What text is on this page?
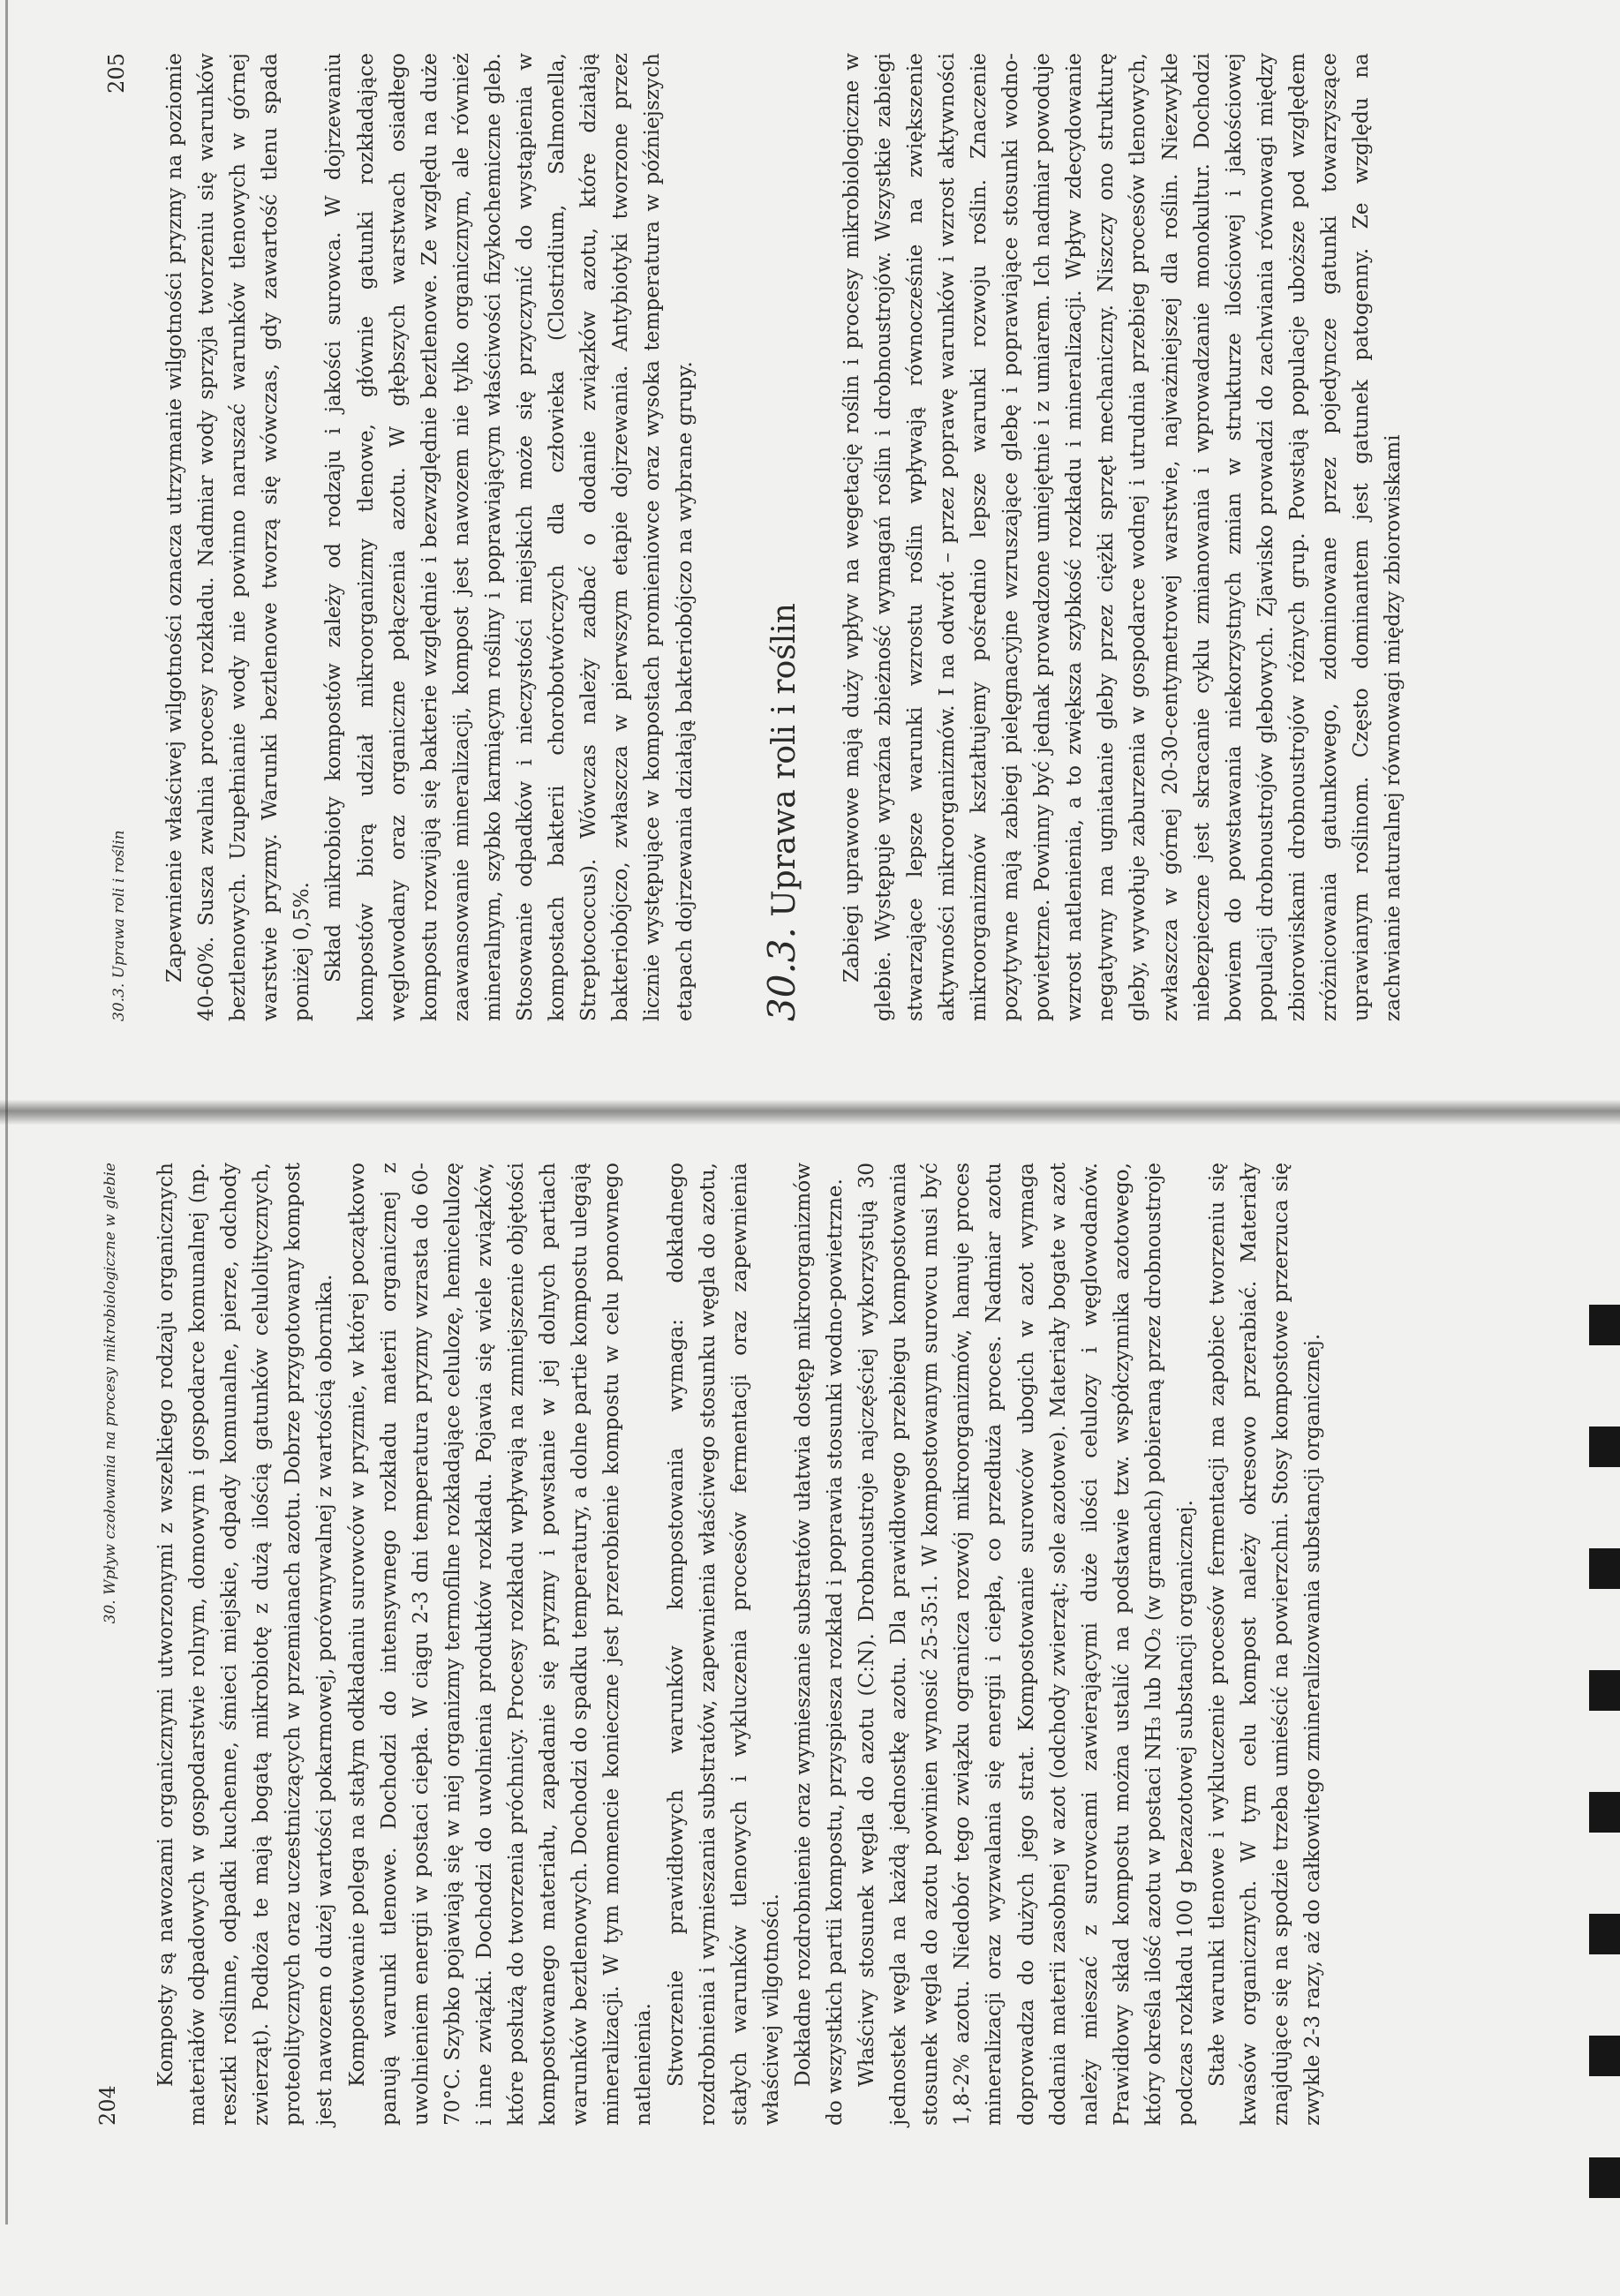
204
30. Wpływ czołowania na procesy mikrobiologiczne w glebie Komposty są nawozami organicznymi utworzonymi z wszelkiego rodzaju organicznych materiałów odpadowych w gospodarstwie rolnym, domowym i gospodarce komunalnej (np. resztki roślinne, odpadki kuchenne, śmieci miejskie, odpady komunalne, pierze, odchody zwierząt). Podłoża te mają bogatą mikrobiotę z dużą ilością gatunków celulolitycznych, proteolitycznych oraz uczestniczących w przemianach azotu. Dobrze przygotowany kompost jest nawozem o dużej wartości pokarmowej, porównywalnej z wartością obornika. Kompostowanie polega na stałym odkładaniu surowców w pryzmie, w której początkowo panują warunki tlenowe. Dochodzi do intensywnego rozkładu materii organicznej z uwolnieniem energii w postaci ciepła. W ciągu 2-3 dni temperatura pryzmy wzrasta do 60-70°C. Szybko pojawiają się w niej organizmy termofilne rozkładające celulozę, hemicelulozę i inne związki. Dochodzi do uwolnienia produktów rozkładu. Pojawia się wiele związków, które posłużą do tworzenia próchnicy. Procesy rozkładu wpływają na zmniejszenie objętości kompostowanego materiału, zapadanie się pryzmy i powstanie w jej dolnych partiach warunków beztlenowych. Dochodzi do spadku temperatury, a dolne partie kompostu ulegają mineralizacji. W tym momencie konieczne jest przerobienie kompostu w celu ponownego natlenienia. Stworzenie prawidłowych warunków kompostowania wymaga: dokładnego rozdrobnienia i wymieszania substratów, zapewnienia właściwego stosunku węgla do azotu, stałych warunków tlenowych i wykluczenia procesów fermentacji oraz zapewnienia właściwej wilgotności. Dokładne rozdrobnienie oraz wymieszanie substratów ułatwia dostęp mikroorganizmów do wszystkich partii kompostu, przyspiesza rozkład i poprawia stosunki wodno-powietrzne. Właściwy stosunek węgla do azotu (C:N). Drobnoustroje najczęściej wykorzystują 30 jednostek węgla na każdą jednostkę azotu. Dla prawidłowego przebiegu kompostowania stosunek węgla do azotu powinien wynosić 25-35:1. W kompostowanym surowcu musi być 1,8-2% azotu. Niedobór tego związku ogranicza rozwój mikroorganizmów, hamuje proces mineralizacji oraz wyzwalania się energii i ciepła, co przedłuża proces. Nadmiar azotu doprowadza do dużych jego strat. Kompostowanie surowców ubogich w azot wymaga dodania materii zasobnej w azot (odchody zwierząt; sole azotowe). Materiały bogate w azot należy mieszać z surowcami zawierającymi duże ilości celulozy i węglowodanów. Prawidłowy skład kompostu można ustalić na podstawie tzw. współczynnika azotowego, który określa ilość azotu w postaci NH₃ lub NO₂ (w gramach) pobieraną przez drobnoustroje podczas rozkładu 100 g bezazotowej substancji organicznej. Stałe warunki tlenowe i wykluczenie procesów fermentacji ma zapobiec tworzeniu się kwasów organicznych. W tym celu kompost należy okresowo przerabiać. Materiały znajdujące się na spodzie trzeba umieścić na powierzchni. Stosy kompostowe przerzuca się zwykle 2-3 razy, aż do całkowitego zmineralizowania substancji organicznej.

30.3. Uprawa roli i roślin
205 Zapewnienie właściwej wilgotności oznacza utrzymanie wilgotności pryzmy na poziomie 40-60%. Susza zwalnia procesy rozkładu. Nadmiar wody sprzyja tworzeniu się warunków beztlenowych. Uzupełnianie wody nie powinno naruszać warunków tlenowych w górnej warstwie pryzmy. Warunki beztlenowe tworzą się wówczas, gdy zawartość tlenu spada poniżej 0,5%. Skład mikrobioty kompostów zależy od rodzaju i jakości surowca. W dojrzewaniu kompostów biorą udział mikroorganizmy tlenowe, głównie gatunki rozkładające węglowodany oraz organiczne połączenia azotu. W głębszych warstwach osiadłego kompostu rozwijają się bakterie względnie i bezwzględnie beztlenowe. Ze względu na duże zaawansowanie mineralizacji, kompost jest nawozem nie tylko organicznym, ale również mineralnym, szybko karmiącym rośliny i poprawiającym właściwości fizykochemiczne gleb. Stosowanie odpadków i nieczystości miejskich może się przyczynić do wystąpienia w kompostach bakterii chorobotwórczych dla człowieka (Clostridium, Salmonella, Streptococcus). Wówczas należy zadbać o dodanie związków azotu, które działają bakteriobójczo, zwłaszcza w pierwszym etapie dojrzewania. Antybiotyki tworzone przez licznie występujące w kompostach promieniowce oraz wysoka temperatura w późniejszych etapach dojrzewania działają bakteriobójczo na wybrane grupy. 30.3. Uprawa roli i roślin Zabiegi uprawowe mają duży wpływ na wegetację roślin i procesy mikrobiologiczne w glebie. Występuje wyraźna zbieżność wymagań roślin i drobnoustrojów. Wszystkie zabiegi stwarzające lepsze warunki wzrostu roślin wpływają równocześnie na zwiększenie aktywności mikroorganizmów. I na odwrót – przez poprawę warunków i wzrost aktywności mikroorganizmów kształtujemy pośrednio lepsze warunki rozwoju roślin. Znaczenie pozytywne mają zabiegi pielęgnacyjne wzruszające glebę i poprawiające stosunki wodno-powietrzne. Powinny być jednak prowadzone umiejętnie i z umiarem. Ich nadmiar powoduje wzrost natlenienia, a to zwiększa szybkość rozkładu i mineralizacji. Wpływ zdecydowanie negatywny ma ugniatanie gleby przez ciężki sprzęt mechaniczny. Niszczy ono strukturę gleby, wywołuje zaburzenia w gospodarce wodnej i utrudnia przebieg procesów tlenowych, zwłaszcza w górnej 20-30-centymetrowej warstwie, najważniejszej dla roślin. Niezwykle niebezpieczne jest skracanie cyklu zmianowania i wprowadzanie monokultur. Dochodzi bowiem do powstawania niekorzystnych zmian w strukturze ilościowej i jakościowej populacji drobnoustrojów glebowych. Zjawisko prowadzi do zachwiania równowagi między zbiorowiskami drobnoustrojów różnych grup. Powstają populacje uboższe pod względem zróżnicowania gatunkowego, zdominowane przez pojedyncze gatunki towarzyszące uprawianym roślinom. Często dominantem jest gatunek patogenny. Ze względu na zachwianie naturalnej równowagi między zbiorowiskami
